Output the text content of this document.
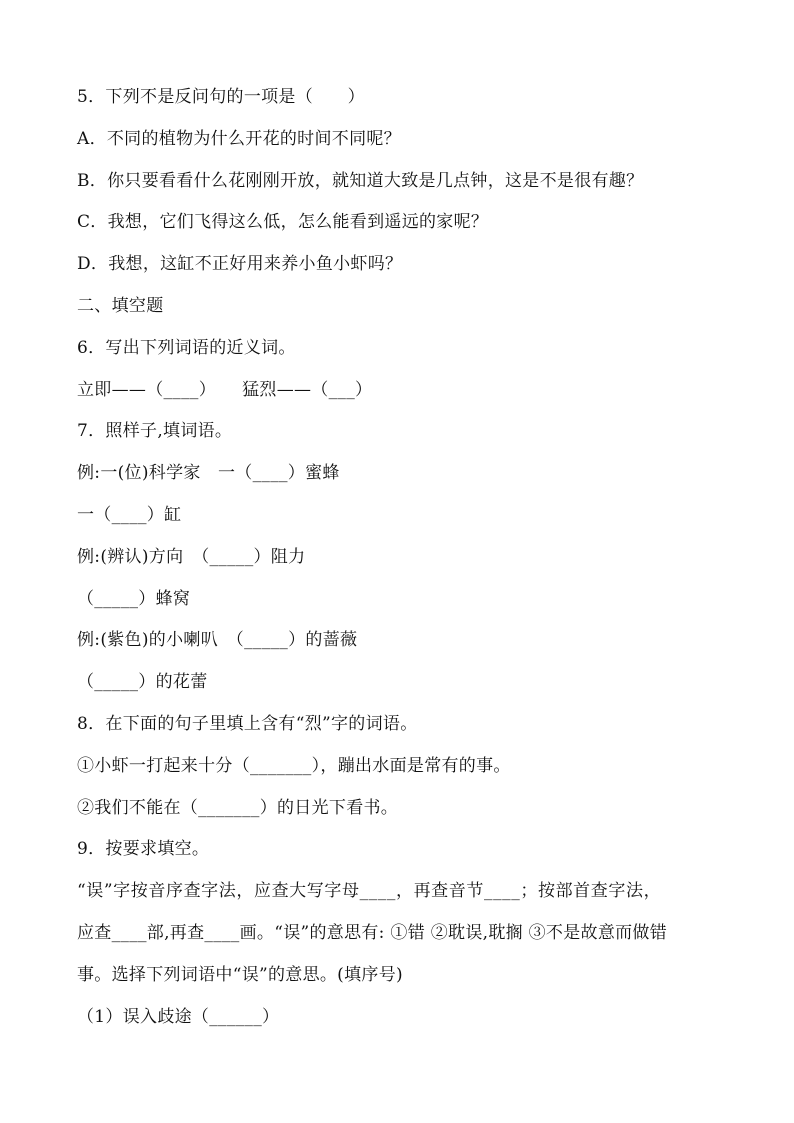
5．下列不是反问句的一项是（　　）
A．不同的植物为什么开花的时间不同呢？
B．你只要看看什么花刚刚开放，就知道大致是几点钟，这是不是很有趣？
C．我想，它们飞得这么低，怎么能看到遥远的家呢？
D．我想，这缸不正好用来养小鱼小虾吗？
二、填空题
6．写出下列词语的近义词。
立即——（____）　　猛烈——（___）
7．照样子,填词语。
例:一(位)科学家　一（____）蜜蜂
一（____）缸
例:(辨认)方向　（_____）阻力
（_____）蜂窝
例:(紫色)的小喇叭　（_____）的蔷薇
（_____）的花蕾
8．在下面的句子里填上含有“烈”字的词语。
①小虾一打起来十分（_______），蹦出水面是常有的事。
②我们不能在（_______）的日光下看书。
9．按要求填空。
“误”字按音序查字法，应查大写字母____，再查音节____；按部首查字法，
应查____部,再查____画。“误”的意思有: ①错 ②耽误,耽搁 ③不是故意而做错
事。选择下列词语中“误”的意思。(填序号)
（1）误入歧途（______）
